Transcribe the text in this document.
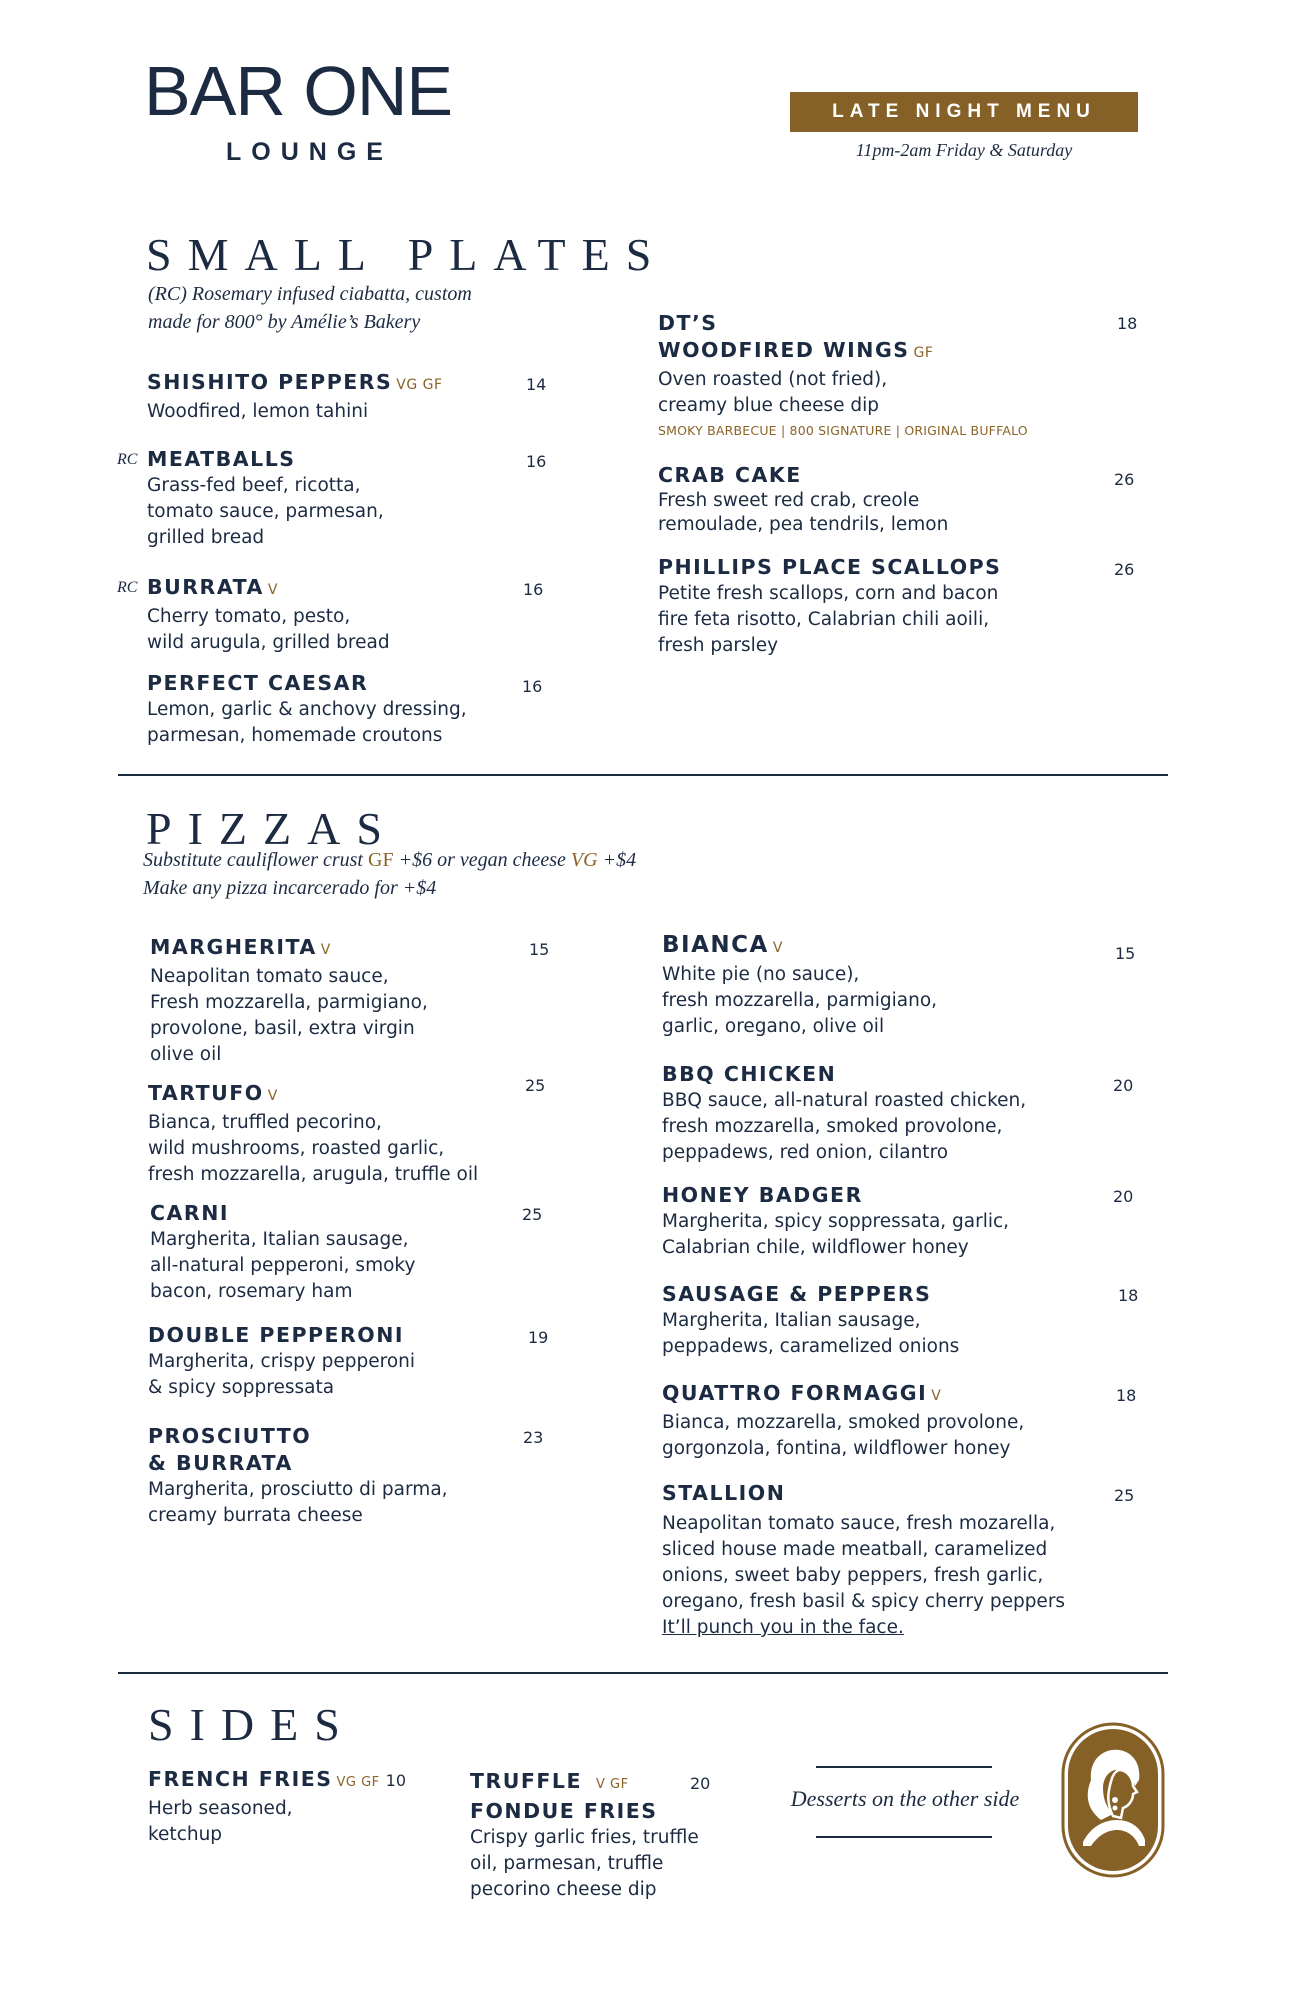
BAR ONE
LOUNGE
LATE NIGHT MENU
11pm-2am Friday & Saturday
SMALL PLATES
(RC) Rosemary infused ciabatta, custom
made for 800° by Amélie’s Bakery
SHISHITO PEPPERS VG GF
Woodfired, lemon tahini
14
RC MEATBALLS
Grass-fed beef, ricotta,
tomato sauce, parmesan,
grilled bread
16
RC BURRATA V
Cherry tomato, pesto,
wild arugula, grilled bread
16
PERFECT CAESAR
Lemon, garlic & anchovy dressing,
parmesan, homemade croutons
16
DT’S
WOODFIRED WINGS GF
Oven roasted (not fried),
creamy blue cheese dip
SMOKY BARBECUE | 800 SIGNATURE | ORIGINAL BUFFALO
18
CRAB CAKE
Fresh sweet red crab, creole
remoulade, pea tendrils, lemon
26
PHILLIPS PLACE SCALLOPS
Petite fresh scallops, corn and bacon
fire feta risotto, Calabrian chili aoili,
fresh parsley
26
PIZZAS
Substitute cauliflower crust GF +$6 or vegan cheese VG +$4
Make any pizza incarcerado for +$4
MARGHERITA V
Neapolitan tomato sauce,
Fresh mozzarella, parmigiano,
provolone, basil, extra virgin
olive oil
15
TARTUFO V
Bianca, truffled pecorino,
wild mushrooms, roasted garlic,
fresh mozzarella, arugula, truffle oil
25
CARNI
Margherita, Italian sausage,
all-natural pepperoni, smoky
bacon, rosemary ham
25
DOUBLE PEPPERONI
Margherita, crispy pepperoni
& spicy soppressata
19
PROSCIUTTO
& BURRATA
Margherita, prosciutto di parma,
creamy burrata cheese
23
BIANCA V
White pie (no sauce),
fresh mozzarella, parmigiano,
garlic, oregano, olive oil
15
BBQ CHICKEN
BBQ sauce, all-natural roasted chicken,
fresh mozzarella, smoked provolone,
peppadews, red onion, cilantro
20
HONEY BADGER
Margherita, spicy soppressata, garlic,
Calabrian chile, wildflower honey
20
SAUSAGE & PEPPERS
Margherita, Italian sausage,
peppadews, caramelized onions
18
QUATTRO FORMAGGI V
Bianca, mozzarella, smoked provolone,
gorgonzola, fontina, wildflower honey
18
STALLION
Neapolitan tomato sauce, fresh mozarella,
sliced house made meatball, caramelized
onions, sweet baby peppers, fresh garlic,
oregano, fresh basil & spicy cherry peppers
It’ll punch you in the face.
25
SIDES
FRENCH FRIES VG GF 10
Herb seasoned,
ketchup
TRUFFLE V GF
FONDUE FRIES
Crispy garlic fries, truffle
oil, parmesan, truffle
pecorino cheese dip
20
Desserts on the other side
